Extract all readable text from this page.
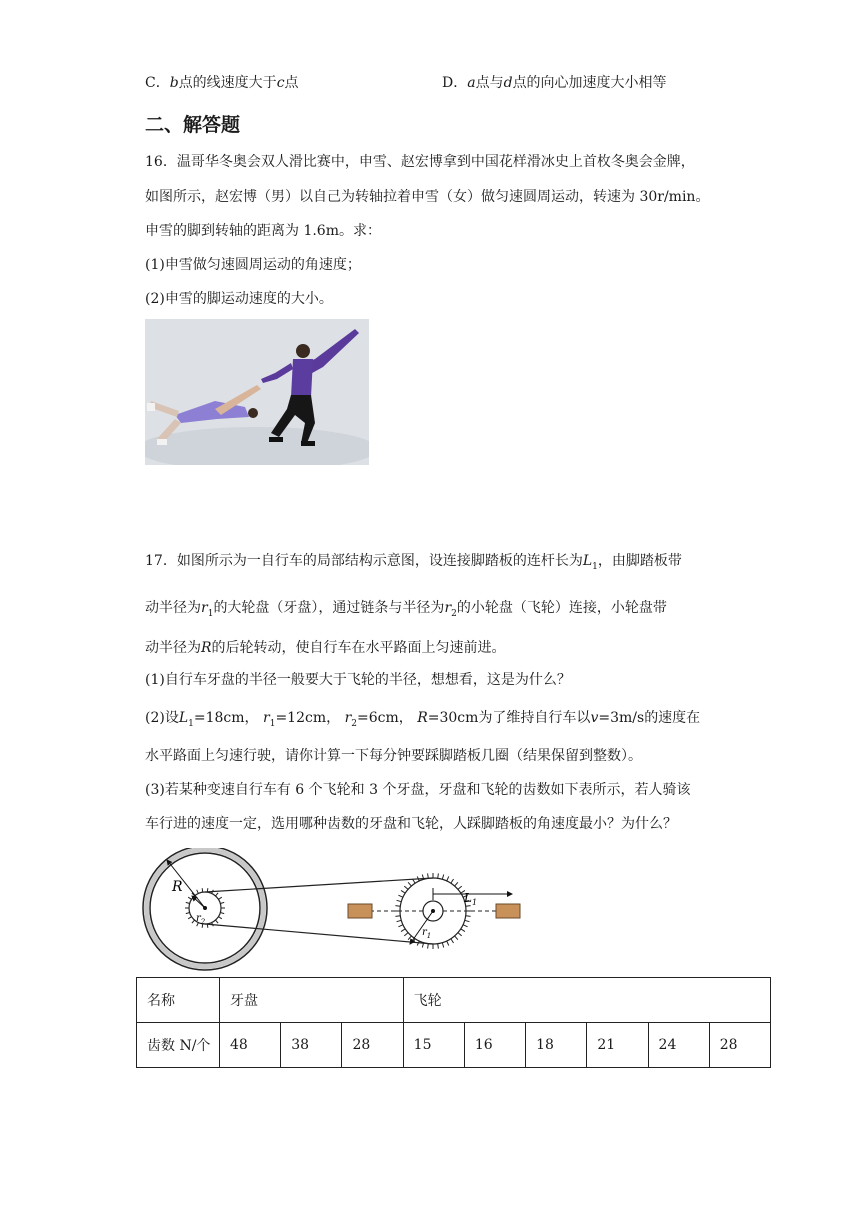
C．b点的线速度大于c点	D．a点与d点的向心加速度大小相等
二、解答题
16．温哥华冬奥会双人滑比赛中，申雪、赵宏博拿到中国花样滑冰史上首枚冬奥会金牌，
如图所示，赵宏博（男）以自己为转轴拉着申雪（女）做匀速圆周运动，转速为 30r/min。
申雪的脚到转轴的距离为 1.6m。求：
(1)申雪做匀速圆周运动的角速度；
(2)申雪的脚运动速度的大小。
17．如图所示为一自行车的局部结构示意图，设连接脚踏板的连杆长为$L_1$，由脚踏板带
动半径为$r_1$的大轮盘（牙盘），通过链条与半径为$r_2$的小轮盘（飞轮）连接，小轮盘带
动半径为R的后轮转动，使自行车在水平路面上匀速前进。
(1)自行车牙盘的半径一般要大于飞轮的半径，想想看，这是为什么？
(2)设$L_1=18cm$， $r_1=12cm$， $r_2=6cm$， R=30cm为了维持自行车以v=3m/s的速度在
水平路面上匀速行驶，请你计算一下每分钟要踩脚踏板几圈（结果保留到整数）。
(3)若某种变速自行车有 6 个飞轮和 3 个牙盘，牙盘和飞轮的齿数如下表所示，若人骑该
车行进的速度一定，选用哪种齿数的牙盘和飞轮，人踩脚踏板的角速度最小？为什么？
R
$r_2$
$L_1$
$r_1$
名称	牙盘			飞轮					
齿数 N/个	48	38	28	15	16	18	21	24	28
